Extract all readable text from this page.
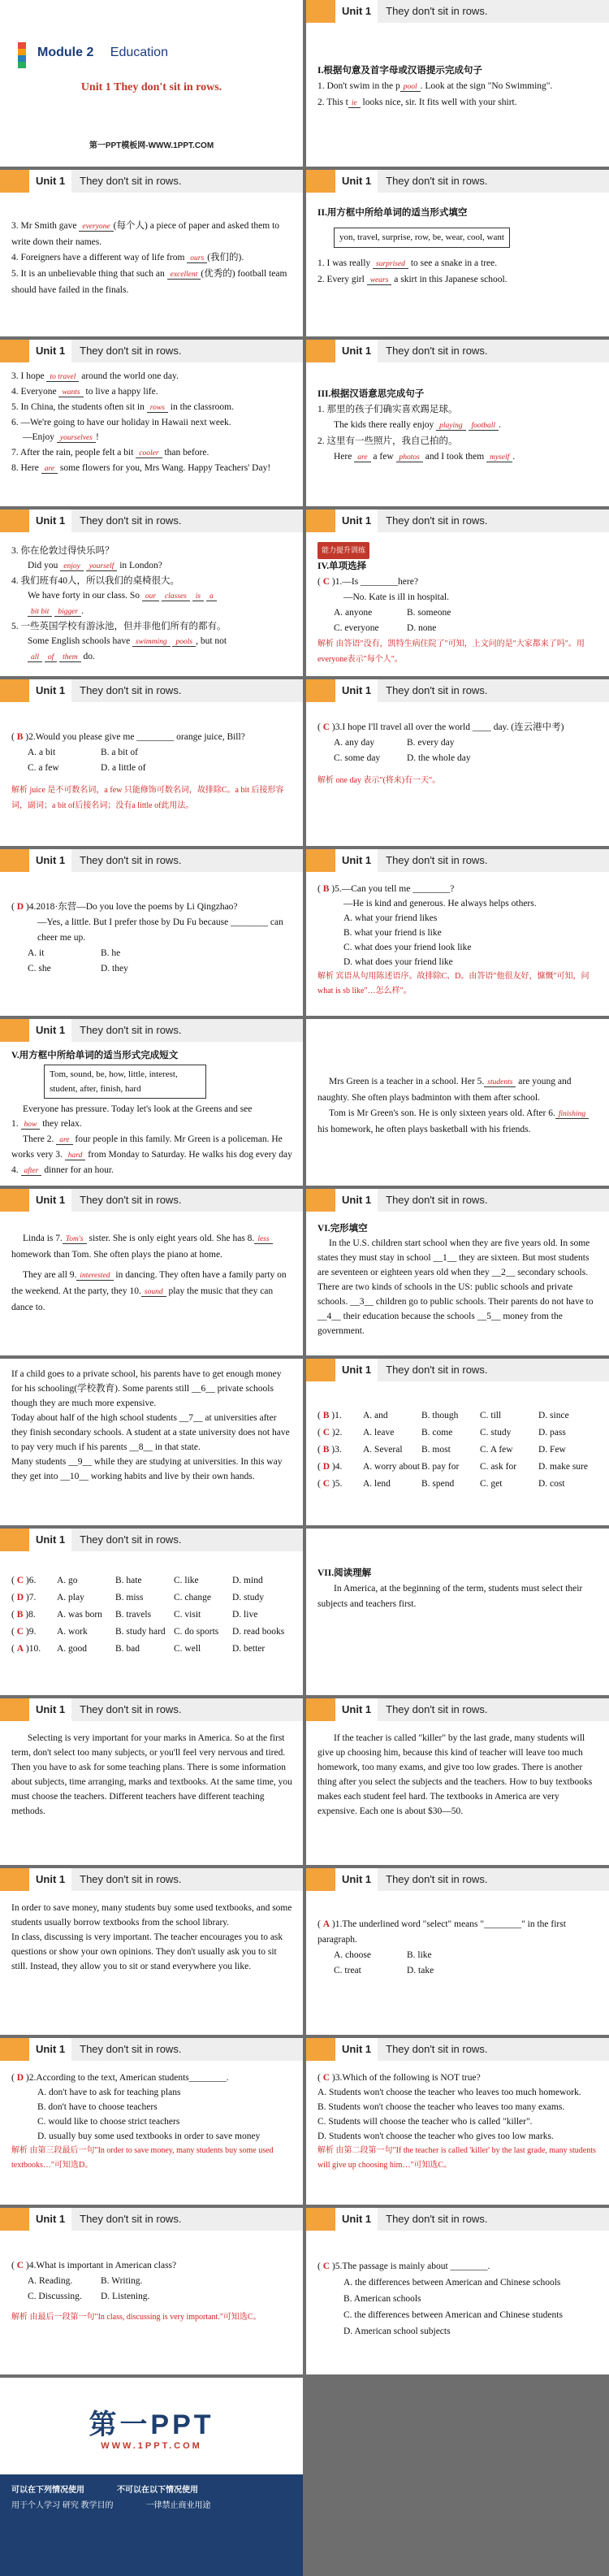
Module 2 Education
Unit 1 They don't sit in rows.
第一PPT模板网-WWW.1PPT.COM
Unit 1	They don't sit in rows.

I.根据句意及首字母或汉语提示完成句子

1. Don't swim in the p pool . Look at the sign "No Swimming".

2. This t ie looks nice, sir. It fits well with your shirt.

Unit 1	They don't sit in rows.

3. Mr Smith gave everyone (每个人) a piece of paper and asked them to write down their names.

4. Foreigners have a different way of life from ours (我们的).

5. It is an unbelievable thing that such an excellent (优秀的) football team should have failed in the finals.

Unit 1	They don't sit in rows.

II.用方框中所给单词的适当形式填空

yon, travel, surprise, row, be, wear, cool, want

1. I was really surprised to see a snake in a tree.

2. Every girl wears a skirt in this Japanese school.

Unit 1	They don't sit in rows.

3. I hope to travel around the world one day.

4. Everyone wants to live a happy life.

5. In China, the students often sit in rows in the classroom.

6. —We're going to have our holiday in Hawaii next week.

—Enjoy yourselves !

7. After the rain, people felt a bit cooler than before.

8. Here are some flowers for you, Mrs Wang. Happy Teachers' Day!

Unit 1	They don't sit in rows.

III.根据汉语意思完成句子

1. 那里的孩子们确实喜欢踢足球。

The kids there really enjoy playing football .

2. 这里有一些照片，我自己拍的。

Here are a few photos and I took them myself .

Unit 1	They don't sit in rows.

3. 你在伦敦过得快乐吗？

Did you enjoy yourself in London?

4. 我们班有40人，所以我们的桌椅很大。

We have forty in our class. So our classes is a

bit bit bigger .

5. 一些英国学校有游泳池，但并非他们所有的都有。

Some English schools have swimming pools , but not

all of them do.

Unit 1	They don't sit in rows.

能力提升训练

IV.单项选择

( C )1.—Is ________here?

—No. Kate is ill in hospital.

A. anyone	B. someone
C. everyone	D. none

解析 由答语"没有，凯特生病住院了"可知，上文问的是"大家都来了吗"。用everyone表示"每个人"。

Unit 1	They don't sit in rows.

( B )2.Would you please give me ________ orange juice, Bill?

A. a bit	B. a bit of
C. a few	D. a little of

解析 juice 是不可数名词，a few 只能修饰可数名词，故排除C。a bit 后接形容词，副词；a bit of后接名词；没有a little of此用法。

Unit 1	They don't sit in rows.

( C )3.I hope I'll travel all over the world ____ day. (连云港中考)

A. any day	B. every day
C. some day	D. the whole day

解析 one day 表示"(将来)有一天"。

Unit 1	They don't sit in rows.

( D )4.2018·东营—Do you love the poems by Li Qingzhao?

—Yes, a little. But I prefer those by Du Fu because ________ can cheer me up.

A. it	B. he
C. she	D. they
Unit 1	They don't sit in rows.

( B )5.—Can you tell me ________?

—He is kind and generous. He always helps others.

A. what your friend likes

B. what your friend is like

C. what does your friend look like

D. what does your friend like

解析 宾语从句用陈述语序。故排除C、D。由答语"他很友好，慷慨"可知，问what is sb like"…怎么样"。

Unit 1	They don't sit in rows.

V.用方框中所给单词的适当形式完成短文

Tom, sound, be, how, little, interest, student, after, finish, hard

Everyone has pressure. Today let's look at the Greens and see

1. how they relax.

There 2. are four people in this family. Mr Green is a policeman. He works very 3. hard from Monday to Saturday. He walks his dog every day 4. after dinner for an hour.

Mrs Green is a teacher in a school. Her 5. students are young and naughty. She often plays badminton with them after school.

Tom is Mr Green's son. He is only sixteen years old. After 6. finishing his homework, he often plays basketball with his friends.

Unit 1	They don't sit in rows.

Linda is 7. Tom's sister. She is only eight years old. She has 8. less homework than Tom. She often plays the piano at home.

They are all 9. interested in dancing. They often have a family party on the weekend. At the party, they 10. sound play the music that they can dance to.

Unit 1	They don't sit in rows.

VI.完形填空

In the U.S. children start school when they are five years old. In some states they must stay in school __1__ they are sixteen. But most students are seventeen or eighteen years old when they __2__ secondary schools. There are two kinds of schools in the US: public schools and private schools. __3__ children go to public schools. Their parents do not have to __4__ their education because the schools __5__ money from the government.

If a child goes to a private school, his parents have to get enough money for his schooling(学校教育). Some parents still __6__ private schools though they are much more expensive.
Today about half of the high school students __7__ at universities after they finish secondary schools. A student at a state university does not have to pay very much if his parents __8__ in that state.
Many students __9__ while they are studying at universities. In this way they get into __10__ working habits and live by their own hands.
Unit 1	They don't sit in rows.
( B )1.	A. and	B. though	C. till	D. since
( C )2.	A. leave	B. come	C. study	D. pass
( B )3.	A. Several	B. most	C. A few	D. Few
( D )4.	A. worry about B. pay for	C. ask for	D. make sure
( C )5.	A. lend	B. spend	C. get	D. cost
Unit 1	They don't sit in rows.
( C )6.	A. go	B. hate	C. like	D. mind
( D )7.	A. play	B. miss	C. change	D. study
( B )8.	A. was born	B. travels	C. visit	D. live
( C )9.	A. work	B. study hard C. do sports	D. read books
( A )10.	A. good	B. bad	C. well	D. better

VII.阅读理解

In America, at the beginning of the term, students must select their subjects and teachers first.

Unit 1	They don't sit in rows.

Selecting is very important for your marks in America. So at the first term, don't select too many subjects, or you'll feel very nervous and tired. Then you have to ask for some teaching plans. There is some information about subjects, time arranging, marks and textbooks. At the same time, you must choose the teachers. Different teachers have different teaching methods.

Unit 1	They don't sit in rows.

If the teacher is called "killer" by the last grade, many students will give up choosing him, because this kind of teacher will leave too much homework, too many exams, and give too low grades. There is another thing after you select the subjects and the teachers. How to buy textbooks makes each student feel hard. The textbooks in America are very expensive. Each one is about $30—50.

Unit 1	They don't sit in rows.
In order to save money, many students buy some used textbooks, and some students usually borrow textbooks from the school library.
In class, discussing is very important. The teacher encourages you to ask questions or show your own opinions. They don't usually ask you to sit still. Instead, they allow you to sit or stand everywhere you like.
Unit 1	They don't sit in rows.

( A )1.The underlined word "select" means "________" in the first paragraph.

A. choose	B. like
C. treat	D. take
Unit 1	They don't sit in rows.

( D )2.According to the text, American students________.

A. don't have to ask for teaching plans

B. don't have to choose teachers

C. would like to choose strict teachers

D. usually buy some used textbooks in order to save money

解析 由第三段最后一句"In order to save money, many students buy some used textbooks…"可知选D。

Unit 1	They don't sit in rows.

( C )3.Which of the following is NOT true?

A. Students won't choose the teacher who leaves too much homework.

B. Students won't choose the teacher who leaves too many exams.

C. Students will choose the teacher who is called "killer".

D. Students won't choose the teacher who gives too low marks.

解析 由第二段第一句"If the teacher is called 'killer' by the last grade, many students will give up choosing him…"可知选C。

Unit 1	They don't sit in rows.

( C )4.What is important in American class?

A. Reading.	B. Writing.
C. Discussing. D. Listening.

解析 由最后一段第一句"In class, discussing is very important."可知选C。

Unit 1	They don't sit in rows.

( C )5.The passage is mainly about ________.

A. the differences between American and Chinese schools

B. American schools

C. the differences between American and Chinese students

D. American school subjects

第一PPT
WWW.1PPT.COM
可以在下列情况使用	不可以在以下情况使用
用于个人学习 研究 教学目的	一律禁止商业用途
